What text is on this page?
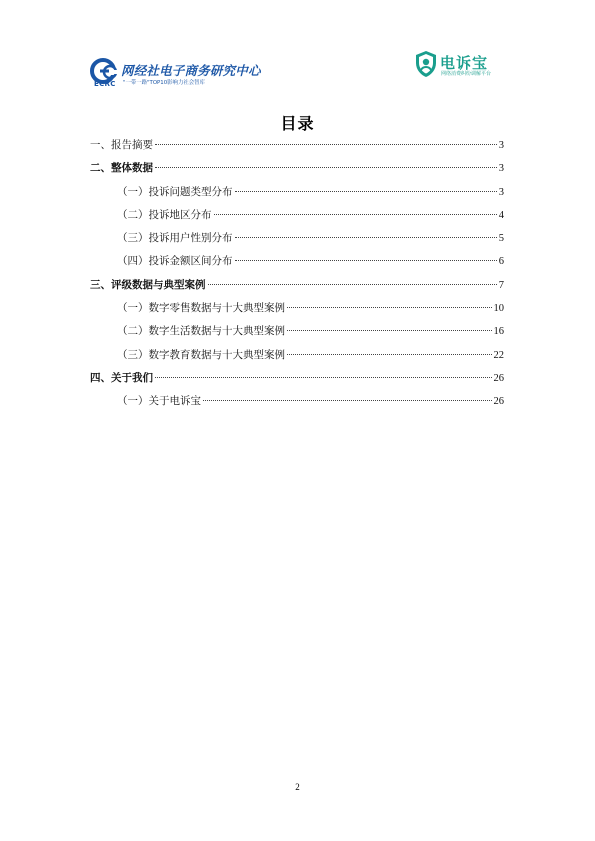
网经社电子商务研究中心
ECRC "一带一路"TOP10影响力社会智库
电诉宝
网络消费纠纷调解平台
目录
一、报告摘要	3
二、整体数据	3
（一）投诉问题类型分布	3
（二）投诉地区分布	4
（三）投诉用户性别分布	5
（四）投诉金额区间分布	6
三、评级数据与典型案例	7
（一）数字零售数据与十大典型案例	10
（二）数字生活数据与十大典型案例	16
（三）数字教育数据与十大典型案例	22
四、关于我们	26
（一）关于电诉宝	26
2
